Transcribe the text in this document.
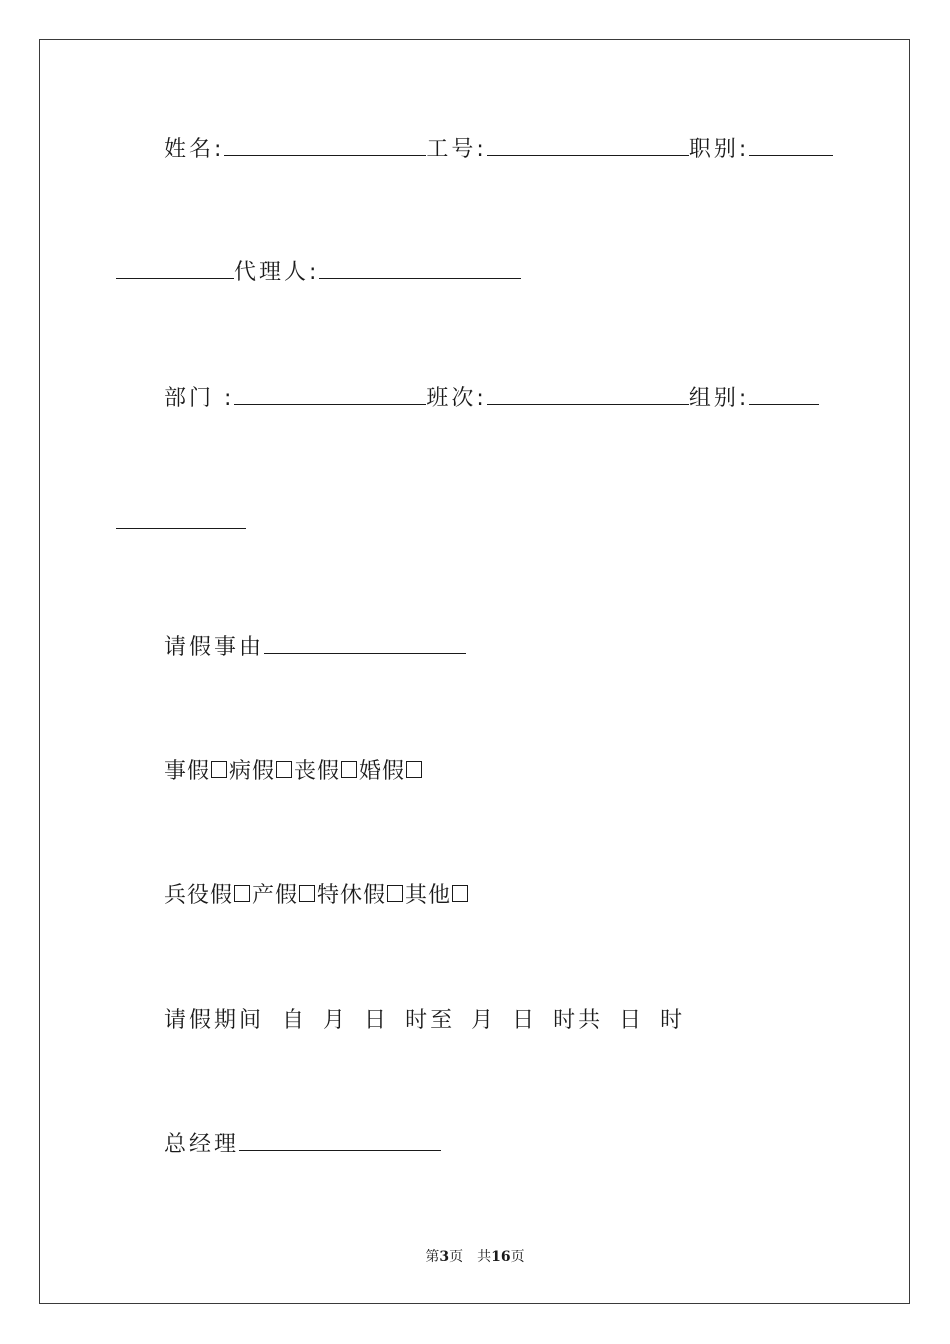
姓名:	工号:	职别:
代理人:
部门 :	班次:	组别:
请假事由
事假 病假 丧假 婚假
兵役假 产假 特休假 其他
请假期间 自 月 日 时至 月 日 时共 日 时
总经理
第3页　共16页
